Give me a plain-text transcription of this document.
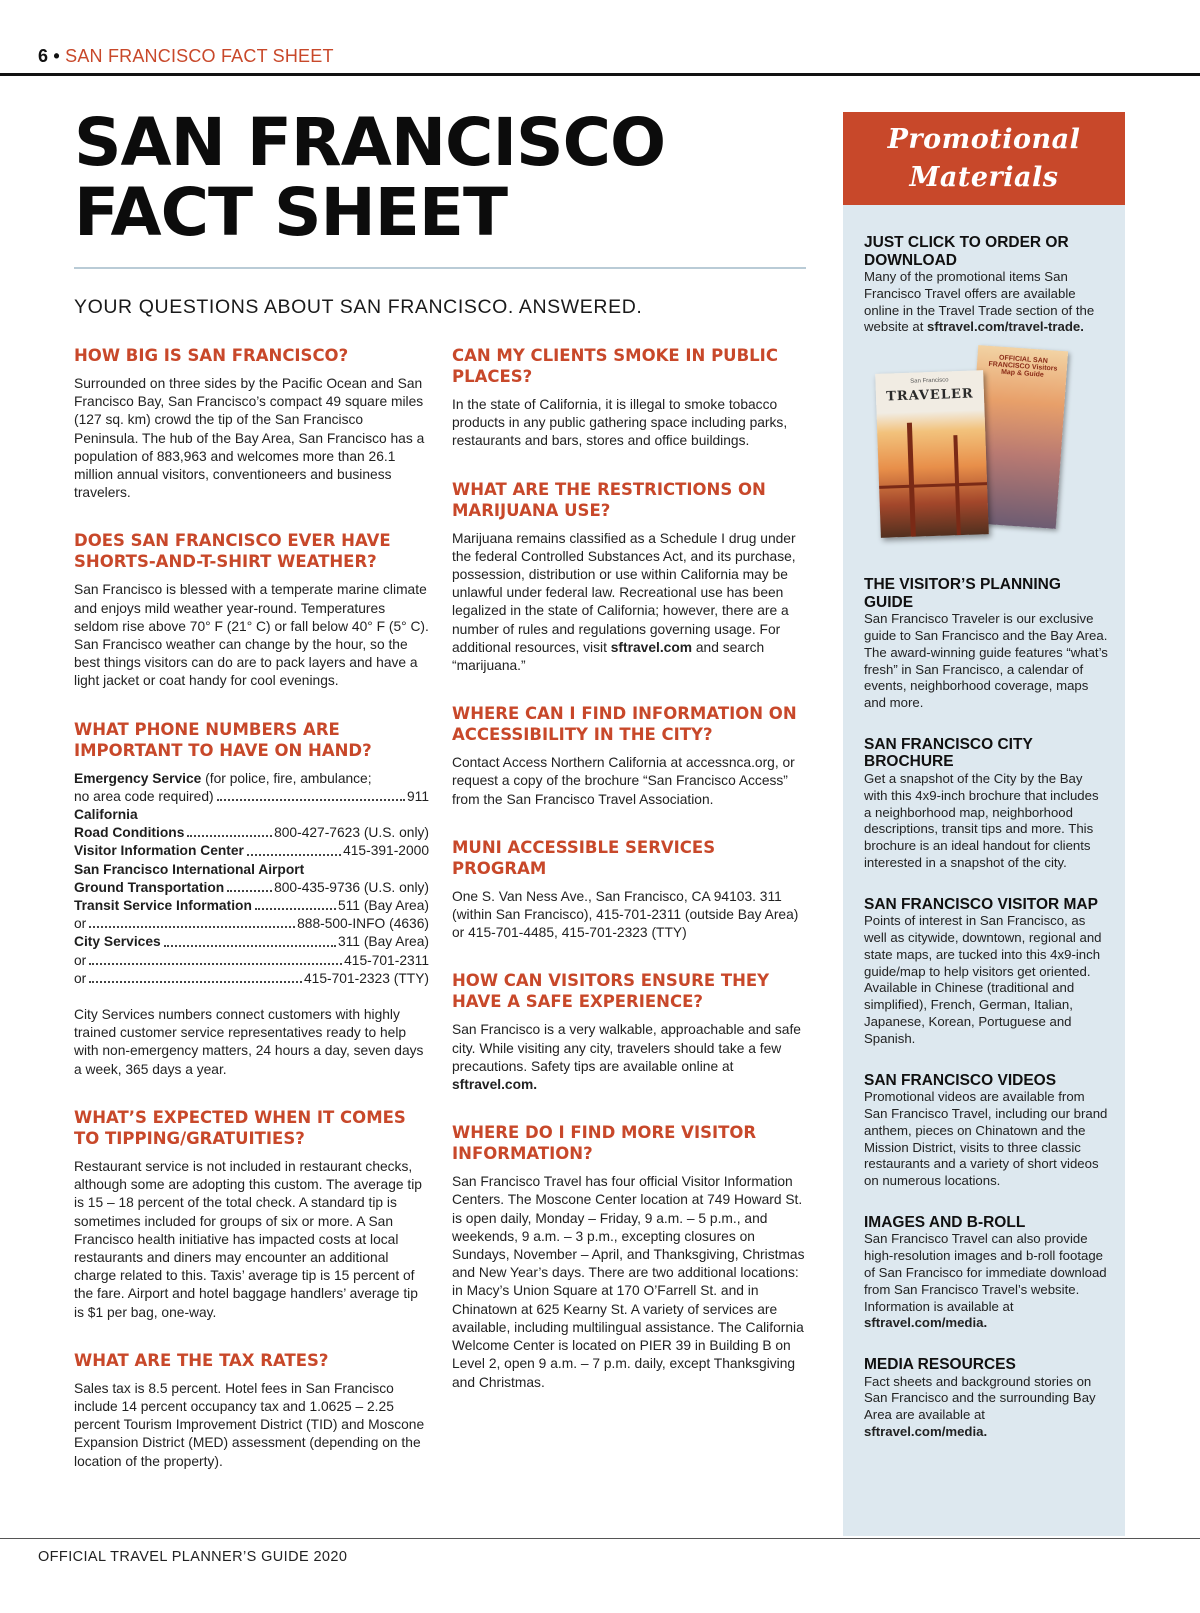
6 • SAN FRANCISCO FACT SHEET
SAN FRANCISCO
FACT SHEET
YOUR QUESTIONS ABOUT SAN FRANCISCO. ANSWERED.
HOW BIG IS SAN FRANCISCO?
Surrounded on three sides by the Pacific Ocean and San Francisco Bay, San Francisco’s compact 49 square miles (127 sq. km) crowd the tip of the San Francisco Peninsula. The hub of the Bay Area, San Francisco has a population of 883,963 and welcomes more than 26.1 million annual visitors, conventioneers and business travelers.
DOES SAN FRANCISCO EVER HAVE SHORTS-AND-T-SHIRT WEATHER?
San Francisco is blessed with a temperate marine climate and enjoys mild weather year-round. Temperatures seldom rise above 70° F (21° C) or fall below 40° F (5° C). San Francisco weather can change by the hour, so the best things visitors can do are to pack layers and have a light jacket or coat handy for cool evenings.
WHAT PHONE NUMBERS ARE IMPORTANT TO HAVE ON HAND?
Emergency Service (for police, fire, ambulance;
no area code required)	911
California
Road Conditions	800-427-7623 (U.S. only)
Visitor Information Center	415-391-2000
San Francisco International Airport
Ground Transportation	800-435-9736 (U.S. only)
Transit Service Information	511 (Bay Area)
or	888-500-INFO (4636)
City Services	311 (Bay Area)
or	415-701-2311
or	415-701-2323 (TTY)
City Services numbers connect customers with highly trained customer service representatives ready to help with non-emergency matters, 24 hours a day, seven days a week, 365 days a year.
WHAT’S EXPECTED WHEN IT COMES TO TIPPING/GRATUITIES?
Restaurant service is not included in restaurant checks, although some are adopting this custom. The average tip is 15 – 18 percent of the total check. A standard tip is sometimes included for groups of six or more. A San Francisco health initiative has impacted costs at local restaurants and diners may encounter an additional charge related to this. Taxis’ average tip is 15 percent of the fare. Airport and hotel baggage handlers’ average tip is $1 per bag, one-way.
WHAT ARE THE TAX RATES?
Sales tax is 8.5 percent. Hotel fees in San Francisco include 14 percent occupancy tax and 1.0625 – 2.25 percent Tourism Improvement District (TID) and Moscone Expansion District (MED) assessment (depending on the location of the property).
CAN MY CLIENTS SMOKE IN PUBLIC PLACES?
In the state of California, it is illegal to smoke tobacco products in any public gathering space including parks, restaurants and bars, stores and office buildings.
WHAT ARE THE RESTRICTIONS ON MARIJUANA USE?
Marijuana remains classified as a Schedule I drug under the federal Controlled Substances Act, and its purchase, possession, distribution or use within California may be unlawful under federal law. Recreational use has been legalized in the state of California; however, there are a number of rules and regulations governing usage. For additional resources, visit sftravel.com and search “marijuana.”
WHERE CAN I FIND INFORMATION ON ACCESSIBILITY IN THE CITY?
Contact Access Northern California at accessnca.org, or request a copy of the brochure “San Francisco Access” from the San Francisco Travel Association.
MUNI ACCESSIBLE SERVICES PROGRAM
One S. Van Ness Ave., San Francisco, CA 94103. 311 (within San Francisco), 415-701-2311 (outside Bay Area) or 415-701-4485, 415-701-2323 (TTY)
HOW CAN VISITORS ENSURE THEY HAVE A SAFE EXPERIENCE?
San Francisco is a very walkable, approachable and safe city. While visiting any city, travelers should take a few precautions. Safety tips are available online at sftravel.com.
WHERE DO I FIND MORE VISITOR INFORMATION?
San Francisco Travel has four official Visitor Information Centers. The Moscone Center location at 749 Howard St. is open daily, Monday – Friday, 9 a.m. – 5 p.m., and weekends, 9 a.m. – 3 p.m., excepting closures on Sundays, November – April, and Thanksgiving, Christmas and New Year’s days. There are two additional locations: in Macy’s Union Square at 170 O’Farrell St. and in Chinatown at 625 Kearny St. A variety of services are available, including multilingual assistance. The California Welcome Center is located on PIER 39 in Building B on Level 2, open 9 a.m. – 7 p.m. daily, except Thanksgiving and Christmas.
Promotional
Materials
JUST CLICK TO ORDER OR DOWNLOAD
Many of the promotional items San Francisco Travel offers are available online in the Travel Trade section of the website at sftravel.com/travel-trade.
OFFICIAL SAN FRANCISCO Visitors Map & Guide
San Francisco
TRAVELER
THE VISITOR’S PLANNING GUIDE
San Francisco Traveler is our exclusive guide to San Francisco and the Bay Area. The award-winning guide features “what’s fresh” in San Francisco, a calendar of events, neighborhood coverage, maps and more.
SAN FRANCISCO CITY BROCHURE
Get a snapshot of the City by the Bay with this 4x9-inch brochure that includes a neighborhood map, neighborhood descriptions, transit tips and more. This brochure is an ideal handout for clients interested in a snapshot of the city.
SAN FRANCISCO VISITOR MAP
Points of interest in San Francisco, as well as citywide, downtown, regional and state maps, are tucked into this 4x9-inch guide/map to help visitors get oriented. Available in Chinese (traditional and simplified), French, German, Italian, Japanese, Korean, Portuguese and Spanish.
SAN FRANCISCO VIDEOS
Promotional videos are available from San Francisco Travel, including our brand anthem, pieces on Chinatown and the Mission District, visits to three classic restaurants and a variety of short videos on numerous locations.
IMAGES AND B-ROLL
San Francisco Travel can also provide high-resolution images and b-roll footage of San Francisco for immediate download from San Francisco Travel’s website. Information is available at sftravel.com/media.
MEDIA RESOURCES
Fact sheets and background stories on San Francisco and the surrounding Bay Area are available at sftravel.com/media.
OFFICIAL TRAVEL PLANNER’S GUIDE 2020
